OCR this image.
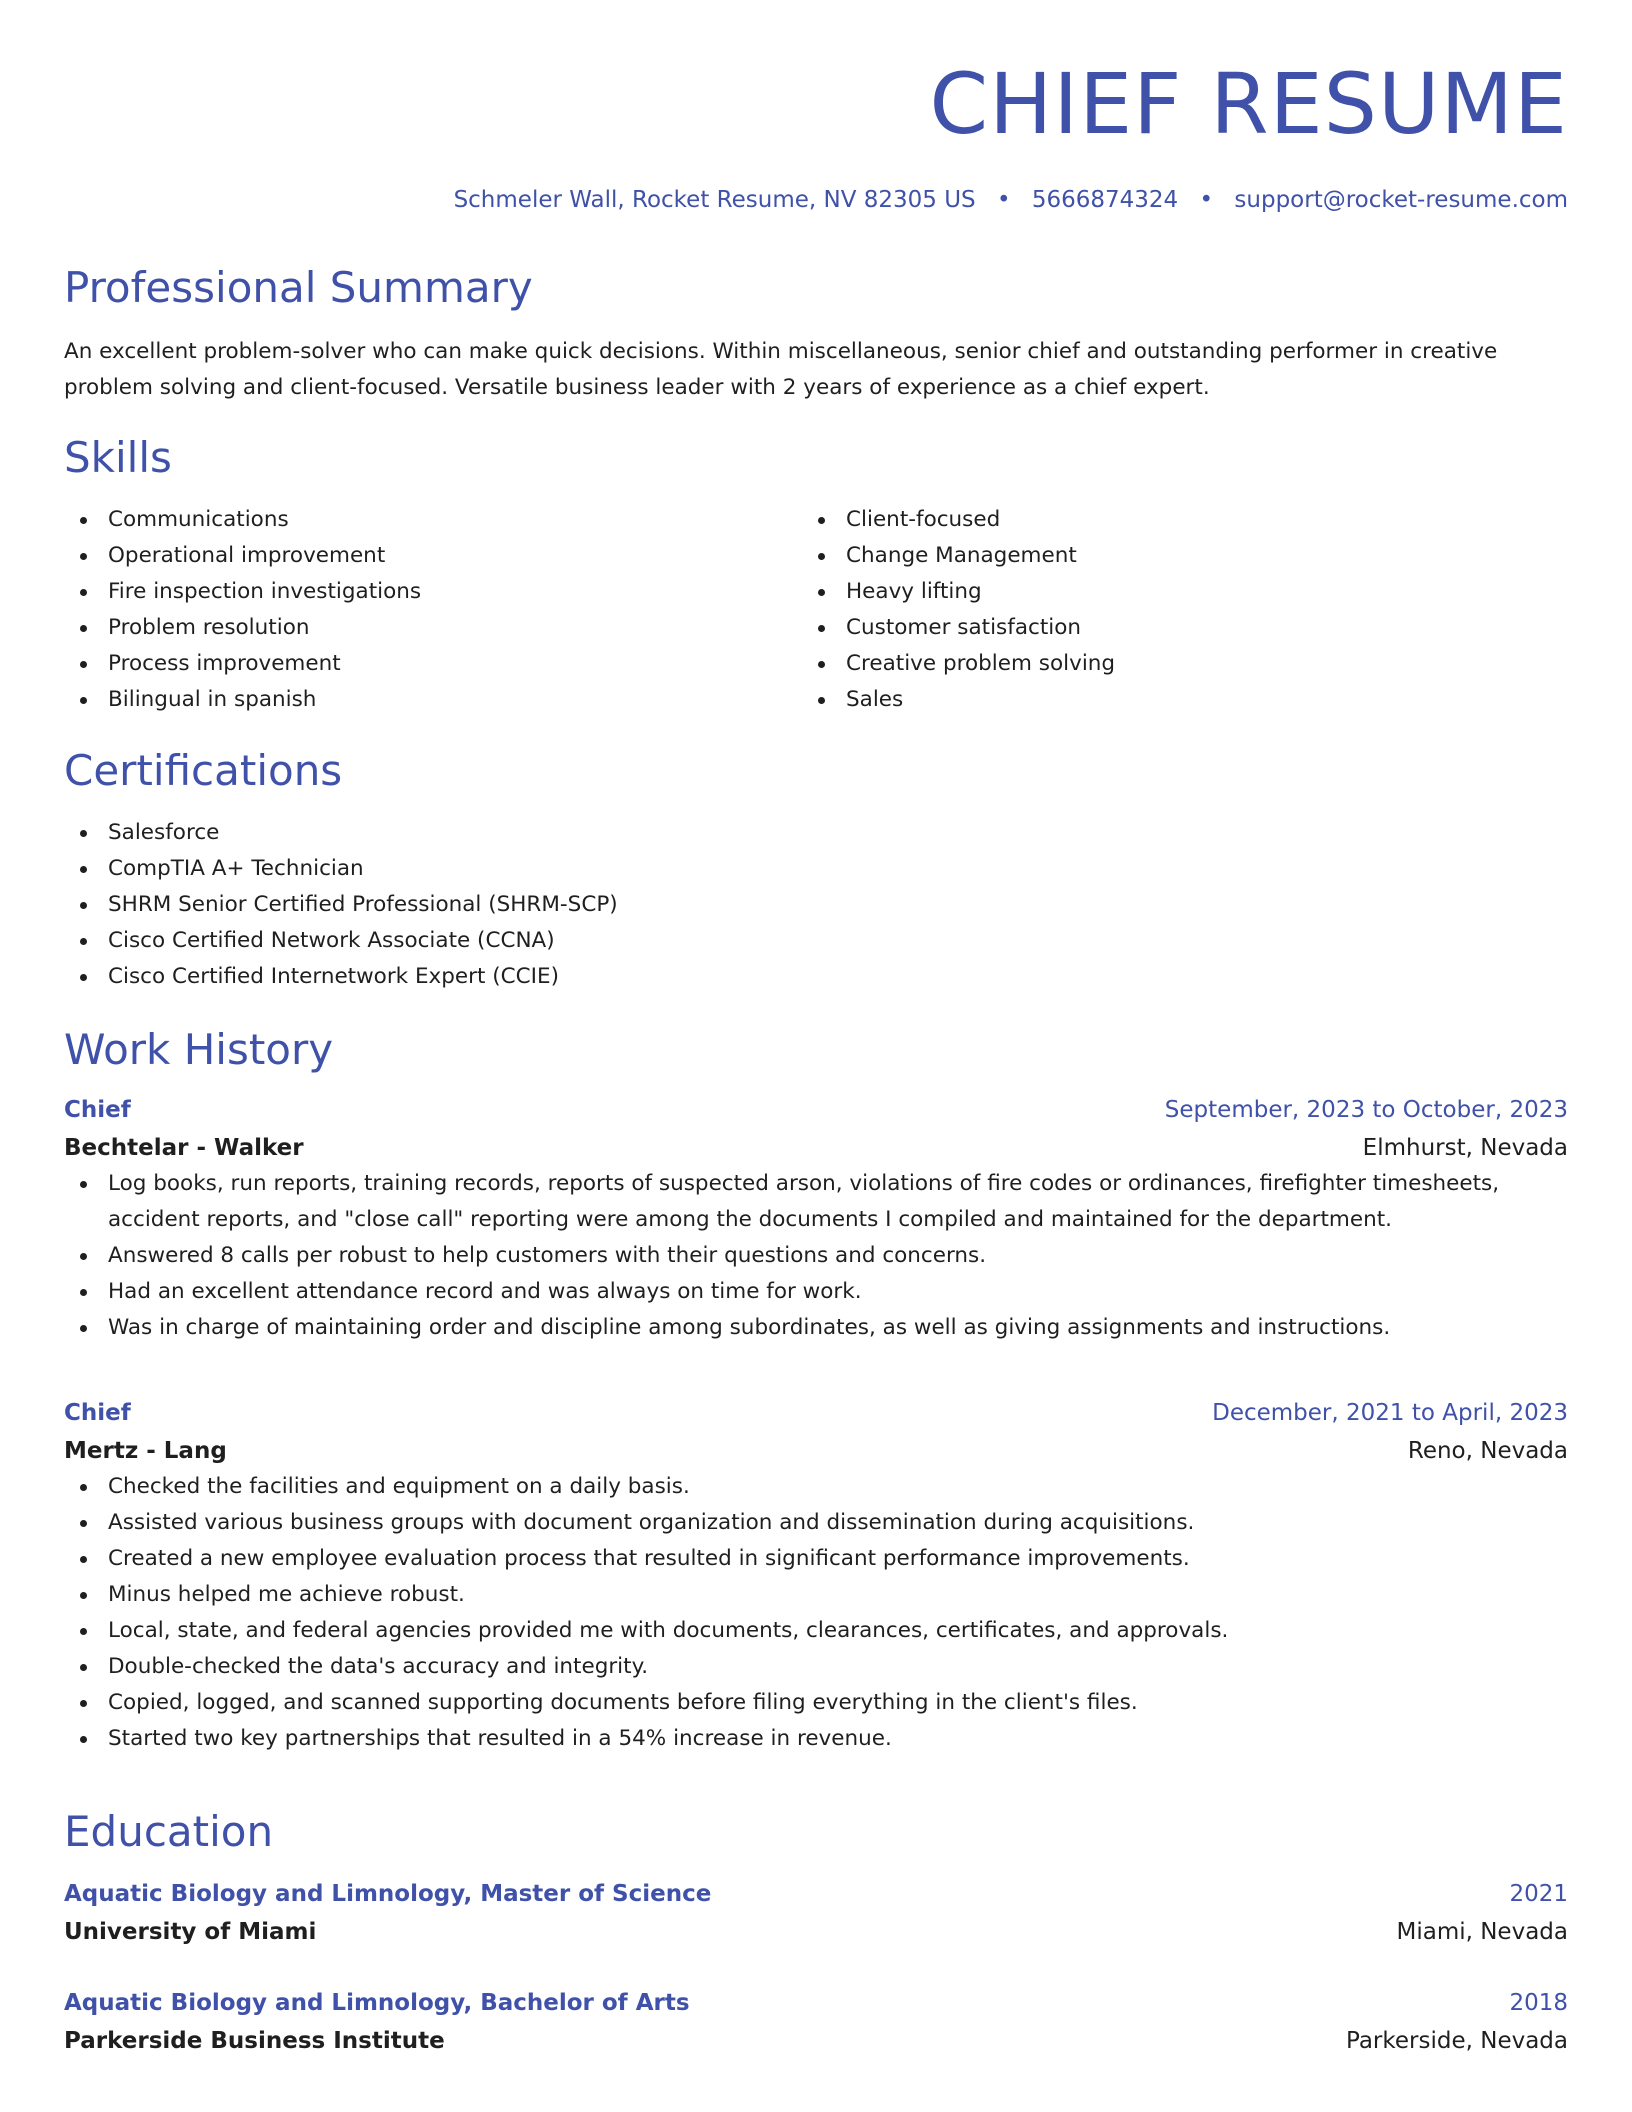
CHIEF RESUME
Schmeler Wall, Rocket Resume, NV 82305 US • 5666874324 • support@rocket-resume.com
Professional Summary

An excellent problem-solver who can make quick decisions. Within miscellaneous, senior chief and outstanding performer in creative problem solving and client-focused. Versatile business leader with 2 years of experience as a chief expert.

Skills
Communications
Operational improvement
Fire inspection investigations
Problem resolution
Process improvement
Bilingual in spanish
Client-focused
Change Management
Heavy lifting
Customer satisfaction
Creative problem solving
Sales
Certifications
Salesforce
CompTIA A+ Technician
SHRM Senior Certified Professional (SHRM-SCP)
Cisco Certified Network Associate (CCNA)
Cisco Certified Internetwork Expert (CCIE)
Work History
Chief	September, 2023 to October, 2023
Bechtelar - Walker	Elmhurst, Nevada
Log books, run reports, training records, reports of suspected arson, violations of fire codes or ordinances, firefighter timesheets, accident reports, and "close call" reporting were among the documents I compiled and maintained for the department.
Answered 8 calls per robust to help customers with their questions and concerns.
Had an excellent attendance record and was always on time for work.
Was in charge of maintaining order and discipline among subordinates, as well as giving assignments and instructions.
Chief	December, 2021 to April, 2023
Mertz - Lang	Reno, Nevada
Checked the facilities and equipment on a daily basis.
Assisted various business groups with document organization and dissemination during acquisitions.
Created a new employee evaluation process that resulted in significant performance improvements.
Minus helped me achieve robust.
Local, state, and federal agencies provided me with documents, clearances, certificates, and approvals.
Double-checked the data's accuracy and integrity.
Copied, logged, and scanned supporting documents before filing everything in the client's files.
Started two key partnerships that resulted in a 54% increase in revenue.
Education
Aquatic Biology and Limnology, Master of Science	2021
University of Miami	Miami, Nevada
Aquatic Biology and Limnology, Bachelor of Arts	2018
Parkerside Business Institute	Parkerside, Nevada
